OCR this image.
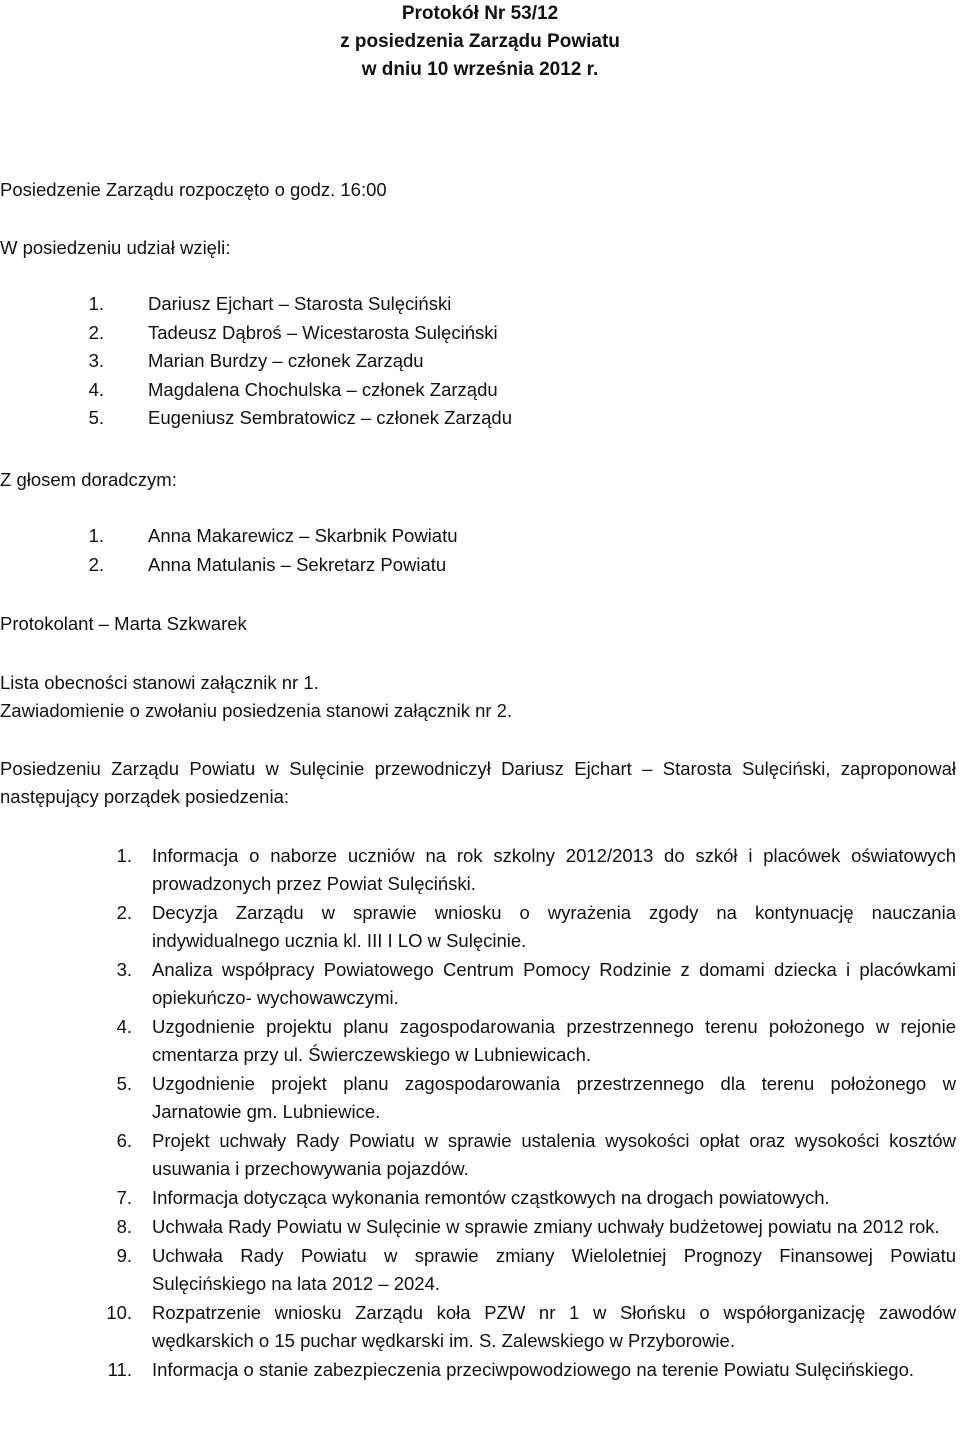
Protokół Nr 53/12
z posiedzenia Zarządu Powiatu
w dniu 10 września 2012 r.
Posiedzenie Zarządu rozpoczęto o godz. 16:00
W posiedzeniu udział wzięli:
1. Dariusz Ejchart – Starosta Sulęciński
2. Tadeusz Dąbroś – Wicestarosta Sulęciński
3. Marian Burdzy – członek Zarządu
4. Magdalena Chochulska – członek Zarządu
5. Eugeniusz Sembratowicz – członek Zarządu
Z głosem doradczym:
1. Anna Makarewicz – Skarbnik Powiatu
2. Anna Matulanis – Sekretarz Powiatu
Protokolant – Marta Szkwarek
Lista obecności stanowi załącznik nr 1.
Zawiadomienie o zwołaniu posiedzenia stanowi załącznik nr 2.
Posiedzeniu Zarządu Powiatu w Sulęcinie przewodniczył Dariusz Ejchart – Starosta Sulęciński, zaproponował następujący porządek posiedzenia:
1. Informacja o naborze uczniów na rok szkolny 2012/2013 do szkół i placówek oświatowych prowadzonych przez Powiat Sulęciński.
2. Decyzja Zarządu w sprawie wniosku o wyrażenia zgody na kontynuację nauczania indywidualnego ucznia kl. III I LO w Sulęcinie.
3. Analiza współpracy Powiatowego Centrum Pomocy Rodzinie z domami dziecka i placówkami opiekuńczo- wychowawczymi.
4. Uzgodnienie projektu planu zagospodarowania przestrzennego terenu położonego w rejonie cmentarza przy ul. Świerczewskiego w Lubniewicach.
5. Uzgodnienie projekt planu zagospodarowania przestrzennego dla terenu położonego w Jarnatowie gm. Lubniewice.
6. Projekt uchwały Rady Powiatu w sprawie ustalenia wysokości opłat oraz wysokości kosztów usuwania i przechowywania pojazdów.
7. Informacja dotycząca wykonania remontów cząstkowych na drogach powiatowych.
8. Uchwała Rady Powiatu w Sulęcinie w sprawie zmiany uchwały budżetowej powiatu na 2012 rok.
9. Uchwała Rady Powiatu w sprawie zmiany Wieloletniej Prognozy Finansowej Powiatu Sulęcińskiego na lata 2012 – 2024.
10. Rozpatrzenie wniosku Zarządu koła PZW nr 1 w Słońsku o współorganizację zawodów wędkarskich o 15 puchar wędkarski im. S. Zalewskiego w Przyborowie.
11. Informacja o stanie zabezpieczenia przeciwpowodziowego na terenie Powiatu Sulęcińskiego.
